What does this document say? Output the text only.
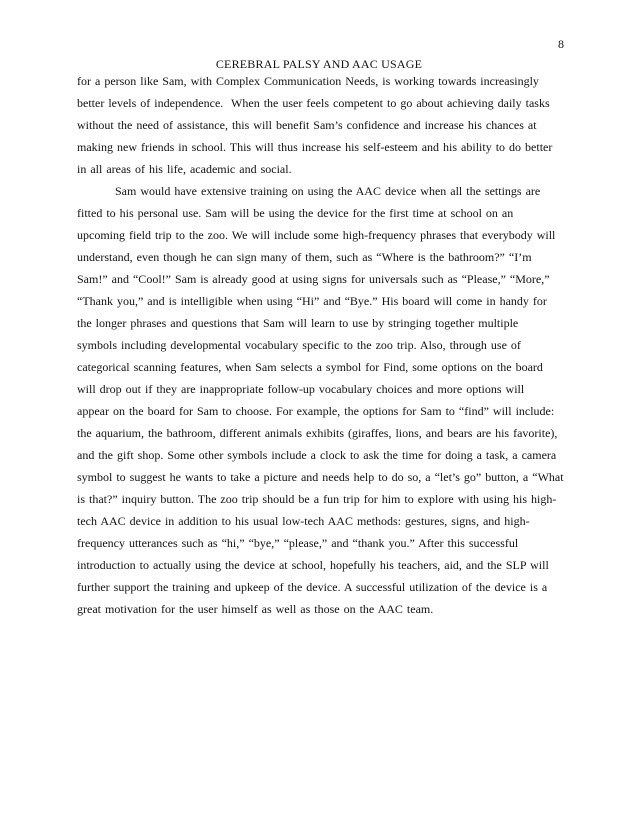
8
CEREBRAL PALSY AND AAC USAGE
for a person like Sam, with Complex Communication Needs, is working towards increasingly
better levels of independence.  When the user feels competent to go about achieving daily tasks
without the need of assistance, this will benefit Sam’s confidence and increase his chances at
making new friends in school. This will thus increase his self-esteem and his ability to do better
in all areas of his life, academic and social.
Sam would have extensive training on using the AAC device when all the settings are
fitted to his personal use. Sam will be using the device for the first time at school on an
upcoming field trip to the zoo. We will include some high-frequency phrases that everybody will
understand, even though he can sign many of them, such as “Where is the bathroom?” “I’m
Sam!” and “Cool!” Sam is already good at using signs for universals such as “Please,” “More,”
“Thank you,” and is intelligible when using “Hi” and “Bye.” His board will come in handy for
the longer phrases and questions that Sam will learn to use by stringing together multiple
symbols including developmental vocabulary specific to the zoo trip. Also, through use of
categorical scanning features, when Sam selects a symbol for Find, some options on the board
will drop out if they are inappropriate follow-up vocabulary choices and more options will
appear on the board for Sam to choose. For example, the options for Sam to “find” will include:
the aquarium, the bathroom, different animals exhibits (giraffes, lions, and bears are his favorite),
and the gift shop. Some other symbols include a clock to ask the time for doing a task, a camera
symbol to suggest he wants to take a picture and needs help to do so, a “let’s go” button, a “What
is that?” inquiry button. The zoo trip should be a fun trip for him to explore with using his high-
tech AAC device in addition to his usual low-tech AAC methods: gestures, signs, and high-
frequency utterances such as “hi,” “bye,” “please,” and “thank you.” After this successful
introduction to actually using the device at school, hopefully his teachers, aid, and the SLP will
further support the training and upkeep of the device. A successful utilization of the device is a
great motivation for the user himself as well as those on the AAC team.
